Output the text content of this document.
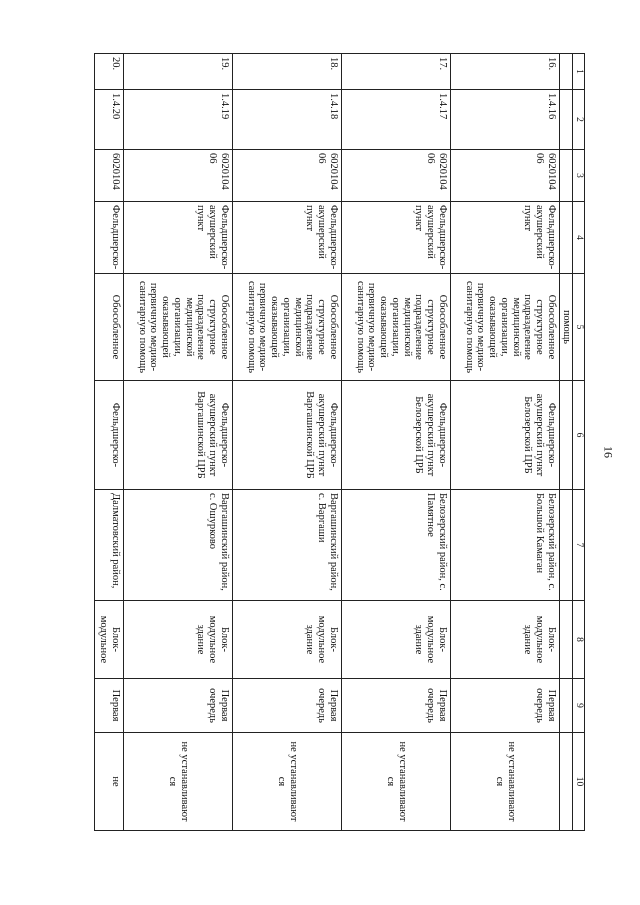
16
1	2	3	4	5	6	7	8	9	10
				помощь					
16.	1.4.16	6020104 06	Фельдшерско-акушерский пункт	Обособленное структурное подразделение медицинской организации, оказывающей первичную медико-санитарную помощь	Фельдшерско-акушерский пункт Белозерской ЦРБ	Белозерский район, с. Большой Камаган	Блок-модульное здание	Первая очередь	не устанавливают ся
17.	1.4.17	6020104 06	Фельдшерско-акушерский пункт	Обособленное структурное подразделение медицинской организации, оказывающей первичную медико-санитарную помощь	Фельдшерско-акушерский пункт Белозерской ЦРБ	Белозерский район, с. Памятное	Блок-модульное здание	Первая очередь	не устанавливают ся
18.	1.4.18	6020104 06	Фельдшерско-акушерский пункт	Обособленное структурное подразделение медицинской организации, оказывающей первичную медико-санитарную помощь	Фельдшерско-акушерский пункт Варгашинской ЦРБ	Варгашинский район, с. Варгаши	Блок-модульное здание	Первая очередь	не устанавливают ся
19.	1.4.19	6020104 06	Фельдшерско-акушерский пункт	Обособленное структурное подразделение медицинской организации, оказывающей первичную медико-санитарную помощь	Фельдшерско-акушерский пункт Варгашинской ЦРБ	Варгашинский район, с. Ошурково	Блок-модульное здание	Первая очередь	не устанавливают ся
20.	1.4.20	6020104	Фельдшерско-	Обособленное	Фельдшерско-	Далматовский район,	Блок-модульное	Первая	не
